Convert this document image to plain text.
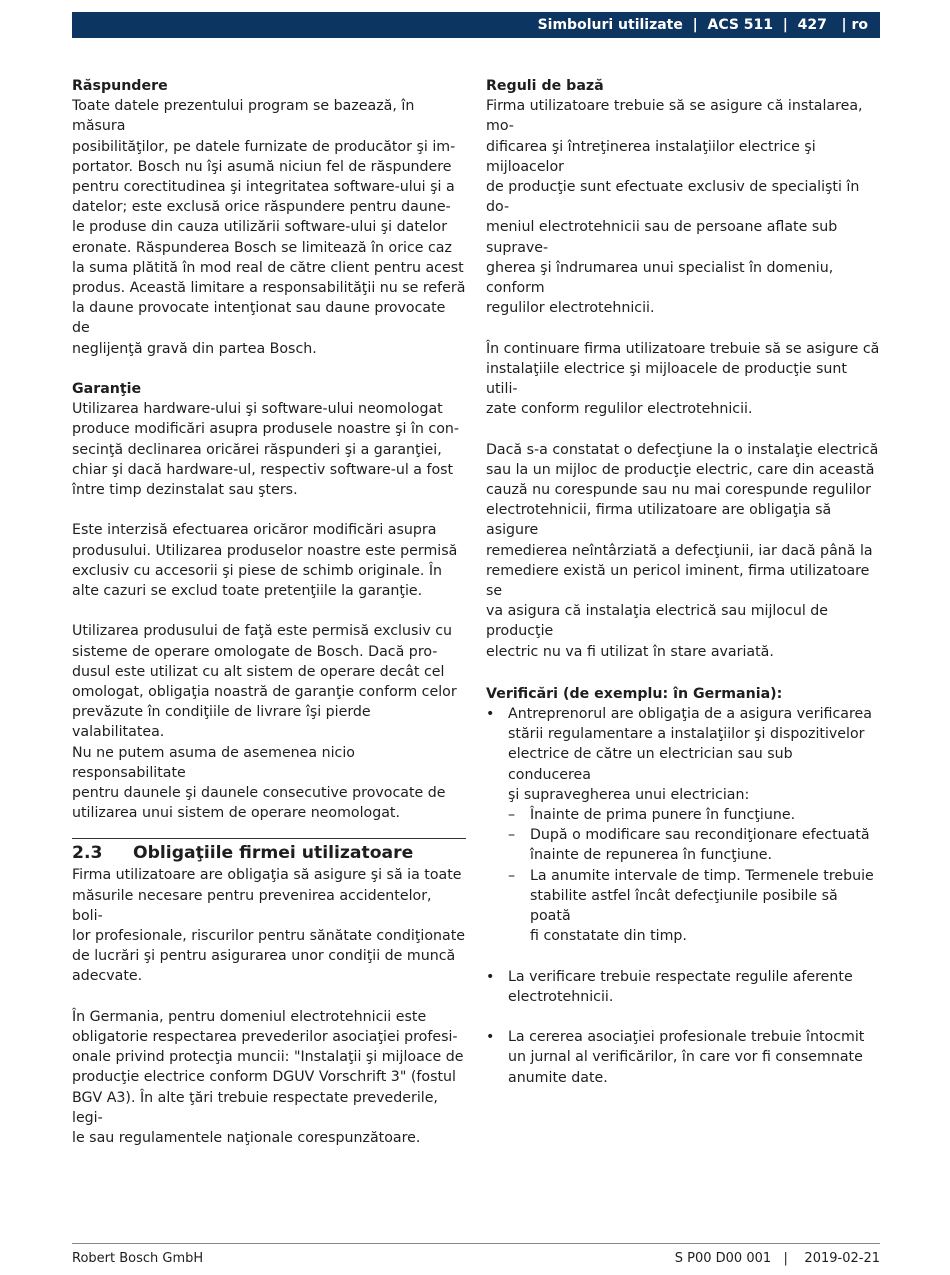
Simboluri utilizate  |  ACS 511  |  427   | ro
Răspundere
Toate datele prezentului program se bazează, în măsura
posibilităţilor, pe datele furnizate de producător şi im-
portator. Bosch nu îşi asumă niciun fel de răspundere
pentru corectitudinea şi integritatea software-ului şi a
datelor; este exclusă orice răspundere pentru daune-
le produse din cauza utilizării software-ului şi datelor
eronate. Răspunderea Bosch se limitează în orice caz
la suma plătită în mod real de către client pentru acest
produs. Această limitare a responsabilităţii nu se referă
la daune provocate intenţionat sau daune provocate de
neglijenţă gravă din partea Bosch.
Garanţie
Utilizarea hardware-ului şi software-ului neomologat
produce modificări asupra produsele noastre şi în con-
secinţă declinarea oricărei răspunderi şi a garanţiei,
chiar şi dacă hardware-ul, respectiv software-ul a fost
între timp dezinstalat sau şters.
Este interzisă efectuarea oricăror modificări asupra
produsului. Utilizarea produselor noastre este permisă
exclusiv cu accesorii şi piese de schimb originale. În
alte cazuri se exclud toate pretenţiile la garanţie.
Utilizarea produsului de faţă este permisă exclusiv cu
sisteme de operare omologate de Bosch. Dacă pro-
dusul este utilizat cu alt sistem de operare decât cel
omologat, obligaţia noastră de garanţie conform celor
prevăzute în condiţiile de livrare îşi pierde valabilitatea.
Nu ne putem asuma de asemenea nicio responsabilitate
pentru daunele şi daunele consecutive provocate de
utilizarea unui sistem de operare neomologat.
2.3	Obligaţiile firmei utilizatoare
Firma utilizatoare are obligaţia să asigure şi să ia toate
măsurile necesare pentru prevenirea accidentelor, boli-
lor profesionale, riscurilor pentru sănătate condiţionate
de lucrări şi pentru asigurarea unor condiţii de muncă
adecvate.
În Germania, pentru domeniul electrotehnicii este
obligatorie respectarea prevederilor asociaţiei profesi-
onale privind protecţia muncii: "Instalaţii şi mijloace de
producţie electrice conform DGUV Vorschrift 3" (fostul
BGV A3). În alte ţări trebuie respectate prevederile, legi-
le sau regulamentele naţionale corespunzătoare.
Reguli de bază
Firma utilizatoare trebuie să se asigure că instalarea, mo-
dificarea şi întreţinerea instalaţiilor electrice şi mijloacelor
de producţie sunt efectuate exclusiv de specialişti în do-
meniul electrotehnicii sau de persoane aflate sub suprave-
gherea şi îndrumarea unui specialist în domeniu, conform
regulilor electrotehnicii.
În continuare firma utilizatoare trebuie să se asigure că
instalaţiile electrice şi mijloacele de producţie sunt utili-
zate conform regulilor electrotehnicii.
Dacă s-a constatat o defecţiune la o instalaţie electrică
sau la un mijloc de producţie electric, care din această
cauză nu corespunde sau nu mai corespunde regulilor
electrotehnicii, firma utilizatoare are obligaţia să asigure
remedierea neîntârziată a defecţiunii, iar dacă până la
remediere există un pericol iminent, firma utilizatoare se
va asigura că instalaţia electrică sau mijlocul de producţie
electric nu va fi utilizat în stare avariată.
Verificări (de exemplu: în Germania):
• Antreprenorul are obligaţia de a asigura verificarea
stării regulamentare a instalaţiilor şi dispozitivelor
electrice de către un electrician sau sub conducerea
şi supravegherea unui electrician:
– Înainte de prima punere în funcţiune.
– După o modificare sau recondiţionare efectuată
înainte de repunerea în funcţiune.
– La anumite intervale de timp. Termenele trebuie
stabilite astfel încât defecţiunile posibile să poată
fi constatate din timp.
• La verificare trebuie respectate regulile aferente
electrotehnicii.
• La cererea asociaţiei profesionale trebuie întocmit
un jurnal al verificărilor, în care vor fi consemnate
anumite date.
Robert Bosch GmbH	S P00 D00 001   |    2019-02-21
